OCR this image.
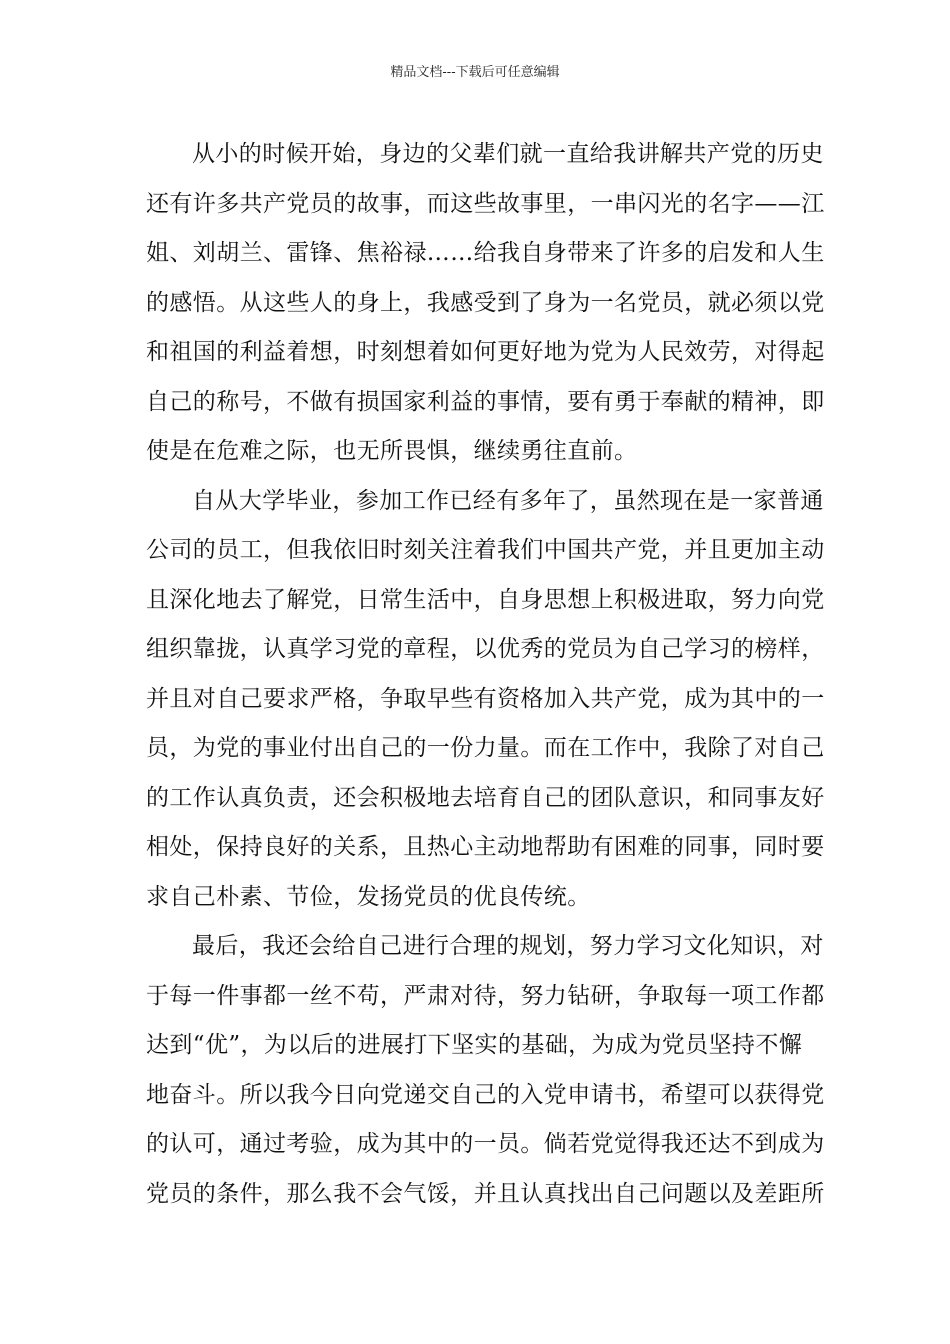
精品文档---下载后可任意编辑
从小的时候开始，身边的父辈们就一直给我讲解共产党的历史
还有许多共产党员的故事，而这些故事里，一串闪光的名字——江
姐、刘胡兰、雷锋、焦裕禄……给我自身带来了许多的启发和人生
的感悟。从这些人的身上，我感受到了身为一名党员，就必须以党
和祖国的利益着想，时刻想着如何更好地为党为人民效劳，对得起
自己的称号，不做有损国家利益的事情，要有勇于奉献的精神，即
使是在危难之际，也无所畏惧，继续勇往直前。
自从大学毕业，参加工作已经有多年了，虽然现在是一家普通
公司的员工，但我依旧时刻关注着我们中国共产党，并且更加主动
且深化地去了解党，日常生活中，自身思想上积极进取，努力向党
组织靠拢，认真学习党的章程，以优秀的党员为自己学习的榜样，
并且对自己要求严格，争取早些有资格加入共产党，成为其中的一
员，为党的事业付出自己的一份力量。而在工作中，我除了对自己
的工作认真负责，还会积极地去培育自己的团队意识，和同事友好
相处，保持良好的关系，且热心主动地帮助有困难的同事，同时要
求自己朴素、节俭，发扬党员的优良传统。
最后，我还会给自己进行合理的规划，努力学习文化知识，对
于每一件事都一丝不苟，严肃对待，努力钻研，争取每一项工作都
达到“优”，为以后的进展打下坚实的基础，为成为党员坚持不懈
地奋斗。所以我今日向党递交自己的入党申请书，希望可以获得党
的认可，通过考验，成为其中的一员。倘若党觉得我还达不到成为
党员的条件，那么我不会气馁，并且认真找出自己问题以及差距所
